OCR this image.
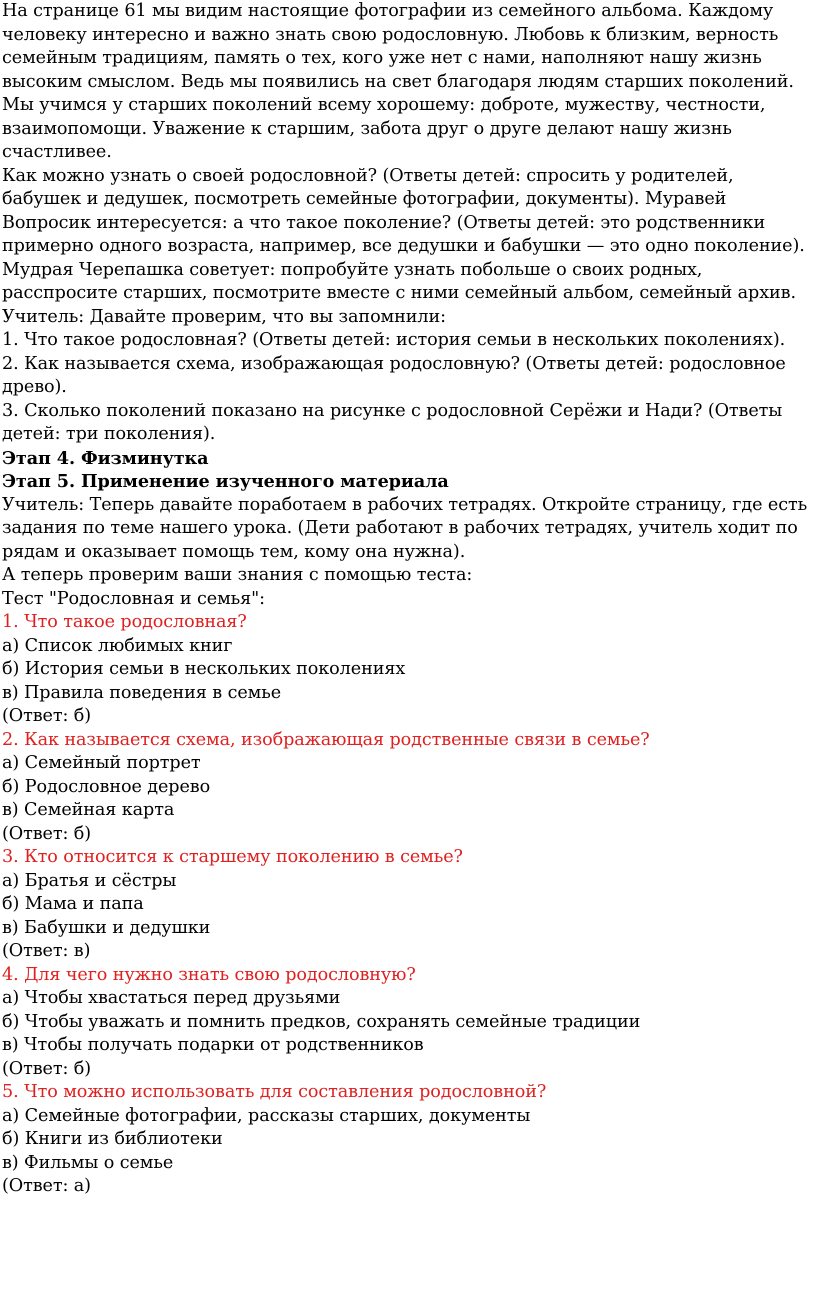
На странице 61 мы видим настоящие фотографии из семейного альбома. Каждому человеку интересно и важно знать свою родословную. Любовь к близким, верность семейным традициям, память о тех, кого уже нет с нами, наполняют нашу жизнь высоким смыслом. Ведь мы появились на свет благодаря людям старших поколений.

Мы учимся у старших поколений всему хорошему: доброте, мужеству, честности, взаимопомощи. Уважение к старшим, забота друг о друге делают нашу жизнь счастливее.

Как можно узнать о своей родословной? (Ответы детей: спросить у родителей, бабушек и дедушек, посмотреть семейные фотографии, документы). Муравей Вопросик интересуется: а что такое поколение? (Ответы детей: это родственники примерно одного возраста, например, все дедушки и бабушки — это одно поколение).

Мудрая Черепашка советует: попробуйте узнать побольше о своих родных, расспросите старших, посмотрите вместе с ними семейный альбом, семейный архив.

Учитель: Давайте проверим, что вы запомнили:

1. Что такое родословная? (Ответы детей: история семьи в нескольких поколениях).

2. Как называется схема, изображающая родословную? (Ответы детей: родословное древо).

3. Сколько поколений показано на рисунке с родословной Серёжи и Нади? (Ответы детей: три поколения).

Этап 4. Физминутка

Этап 5. Применение изученного материала

Учитель: Теперь давайте поработаем в рабочих тетрадях. Откройте страницу, где есть задания по теме нашего урока. (Дети работают в рабочих тетрадях, учитель ходит по рядам и оказывает помощь тем, кому она нужна).

А теперь проверим ваши знания с помощью теста:

Тест "Родословная и семья":

1. Что такое родословная?

а) Список любимых книг

б) История семьи в нескольких поколениях

в) Правила поведения в семье

(Ответ: б)

2. Как называется схема, изображающая родственные связи в семье?

а) Семейный портрет

б) Родословное дерево

в) Семейная карта

(Ответ: б)

3. Кто относится к старшему поколению в семье?

а) Братья и сёстры

б) Мама и папа

в) Бабушки и дедушки

(Ответ: в)

4. Для чего нужно знать свою родословную?

а) Чтобы хвастаться перед друзьями

б) Чтобы уважать и помнить предков, сохранять семейные традиции

в) Чтобы получать подарки от родственников

(Ответ: б)

5. Что можно использовать для составления родословной?

а) Семейные фотографии, рассказы старших, документы

б) Книги из библиотеки

в) Фильмы о семье

(Ответ: а)
